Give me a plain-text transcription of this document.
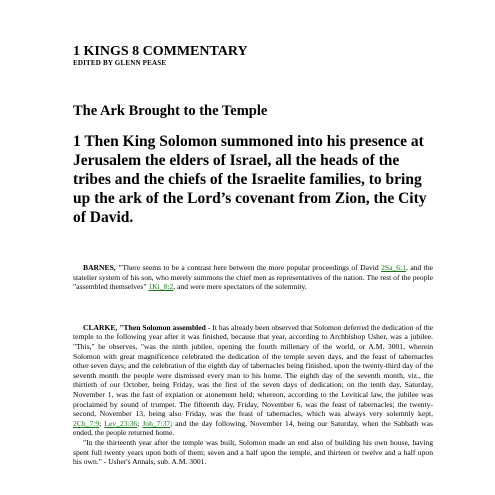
1 KINGS 8 COMMENTARY

EDITED BY GLENN PEASE

The Ark Brought to the Temple

1 Then King Solomon summoned into his presence at Jerusalem the elders of Israel, all the heads of the tribes and the chiefs of the Israelite families, to bring up the ark of the Lord’s covenant from Zion, the City of David.

BARNES, "There seems to be a contrast here between the more popular proceedings of David 2Sa_6:1, and the statelier system of his son, who merely summons the chief men as representatives of the nation. The rest of the people "assembled themselves" 1Ki_8:2, and were mere spectators of the solemnity.

CLARKE, "Then Solomon assembled - It has already been observed that Solomon deferred the dedication of the temple to the following year after it was finished, because that year, according to Archbishop Usher, was a jubilee. "This," he observes, "was the ninth jubilee, opening the fourth millenary of the world, or A.M. 3001, wherein Solomon with great magnificence celebrated the dedication of the temple seven days, and the feast of tabernacles other seven days; and the celebration of the eighth day of tabernacles being finished, upon the twenty-third day of the seventh month the people were dismissed every man to his home. The eighth day of the seventh month, viz., the thirtieth of our October, being Friday, was the first of the seven days of dedication; on the tenth day, Saturday, November 1, was the fast of expiation or atonement held; whereon, according to the Levitical law, the jubilee was proclaimed by sound of trumpet. The fifteenth day, Friday, November 6, was the feast of tabernacles; the twenty-second, November 13, being also Friday, was the feast of tabernacles, which was always very solemnly kept, 2Ch_7:9; Lev_23:36; Joh_7:37; and the day following, November 14, being our Saturday, when the Sabbath was ended, the people returned home.

"In the thirteenth year after the temple was built, Solomon made an end also of building his own house, having spent full twenty years upon both of them; seven and a half upon the temple, and thirteen or twelve and a half upon his own." - Usher's Annals, sub. A.M. 3001.
